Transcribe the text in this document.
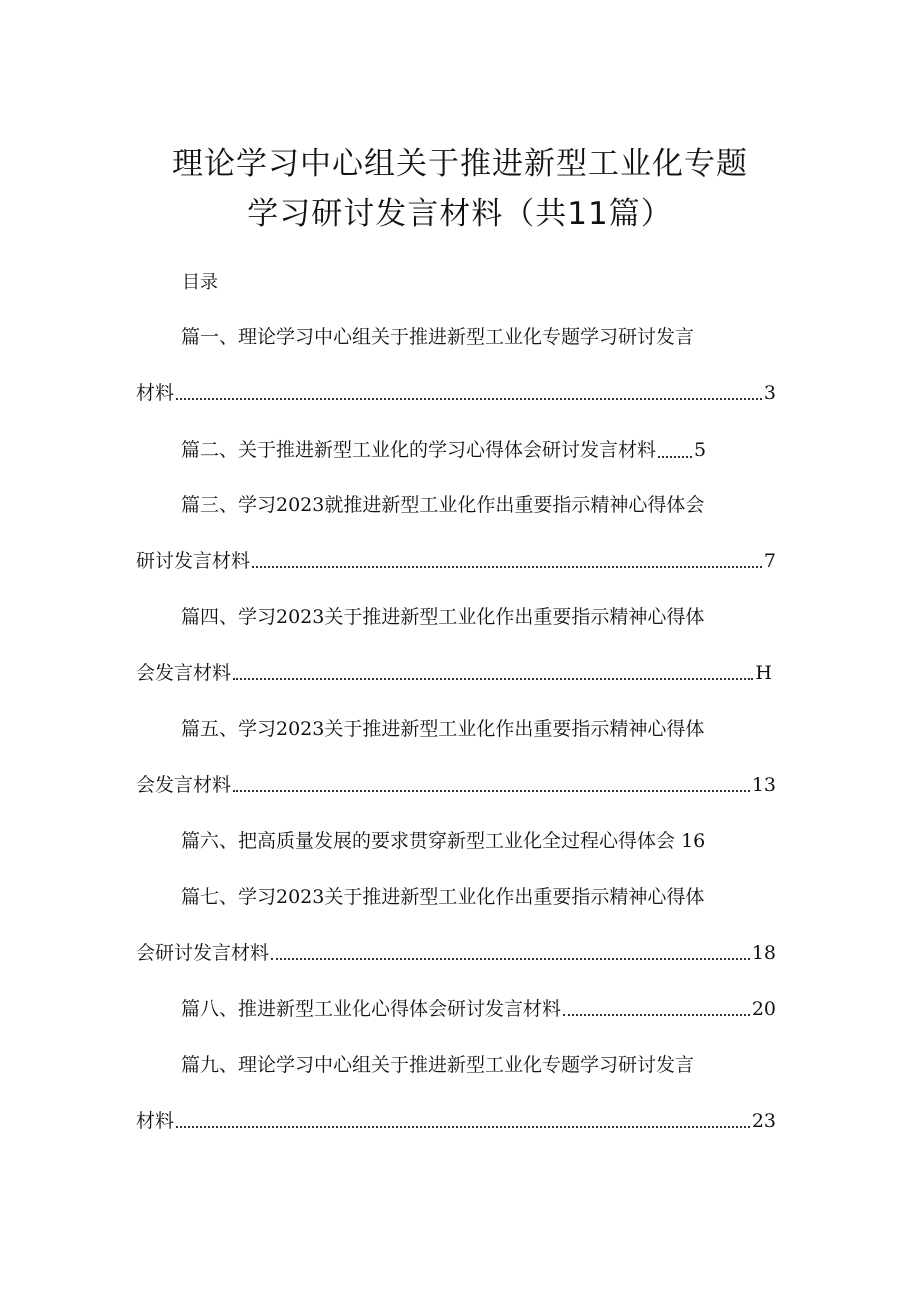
理论学习中心组关于推进新型工业化专题
学习研讨发言材料（共11篇）
目录
篇一、理论学习中心组关于推进新型工业化专题学习研讨发言
材料	3
篇二、关于推进新型工业化的学习心得体会研讨发言材料 5
篇三、学习2023就推进新型工业化作出重要指示精神心得体会
研讨发言材料	7
篇四、学习2023关于推进新型工业化作出重要指示精神心得体
会发言材料	H
篇五、学习2023关于推进新型工业化作出重要指示精神心得体
会发言材料	13
篇六、把高质量发展的要求贯穿新型工业化全过程心得体会 16
篇七、学习2023关于推进新型工业化作出重要指示精神心得体
会研讨发言材料	18
篇八、推进新型工业化心得体会研讨发言材料	20
篇九、理论学习中心组关于推进新型工业化专题学习研讨发言
材料	23
